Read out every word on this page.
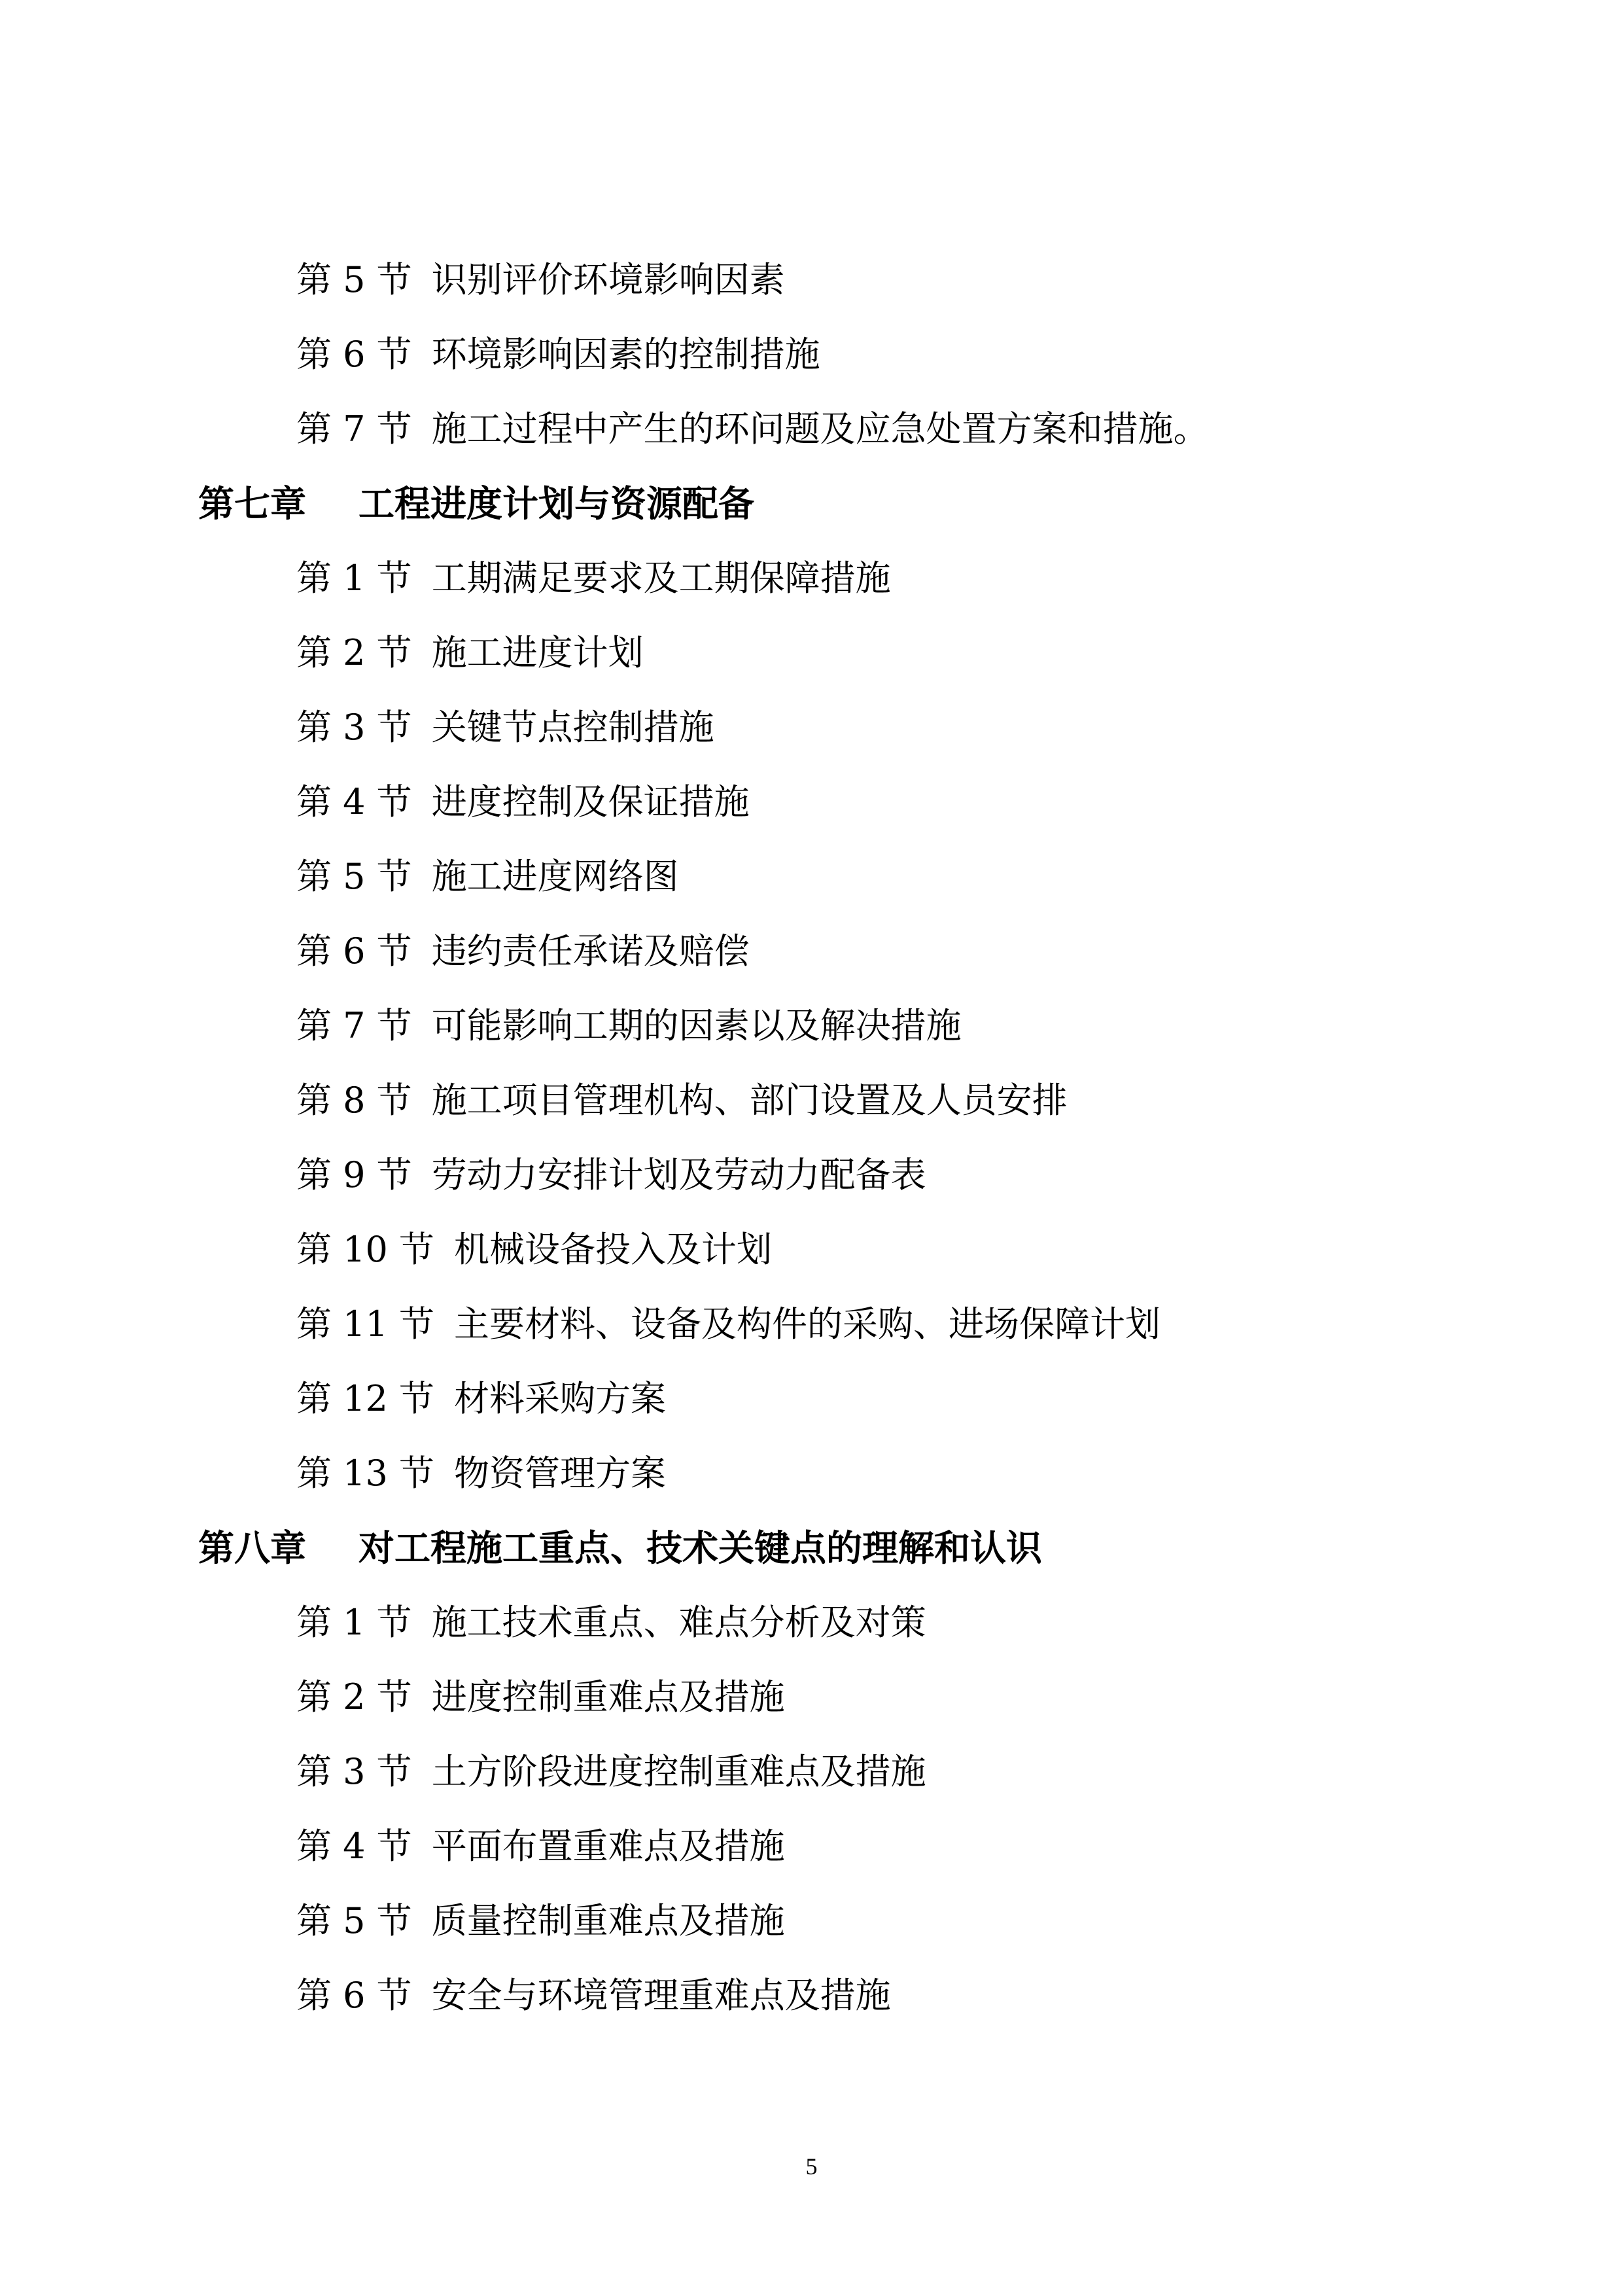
第 5 节 识别评价环境影响因素
第 6 节 环境影响因素的控制措施
第 7 节 施工过程中产生的环问题及应急处置方案和措施。
第七章 工程进度计划与资源配备
第 1 节 工期满足要求及工期保障措施
第 2 节 施工进度计划
第 3 节 关键节点控制措施
第 4 节 进度控制及保证措施
第 5 节 施工进度网络图
第 6 节 违约责任承诺及赔偿
第 7 节 可能影响工期的因素以及解决措施
第 8 节 施工项目管理机构、部门设置及人员安排
第 9 节 劳动力安排计划及劳动力配备表
第 10 节 机械设备投入及计划
第 11 节 主要材料、设备及构件的采购、进场保障计划
第 12 节 材料采购方案
第 13 节 物资管理方案
第八章 对工程施工重点、技术关键点的理解和认识
第 1 节 施工技术重点、难点分析及对策
第 2 节 进度控制重难点及措施
第 3 节 土方阶段进度控制重难点及措施
第 4 节 平面布置重难点及措施
第 5 节 质量控制重难点及措施
第 6 节 安全与环境管理重难点及措施
5
